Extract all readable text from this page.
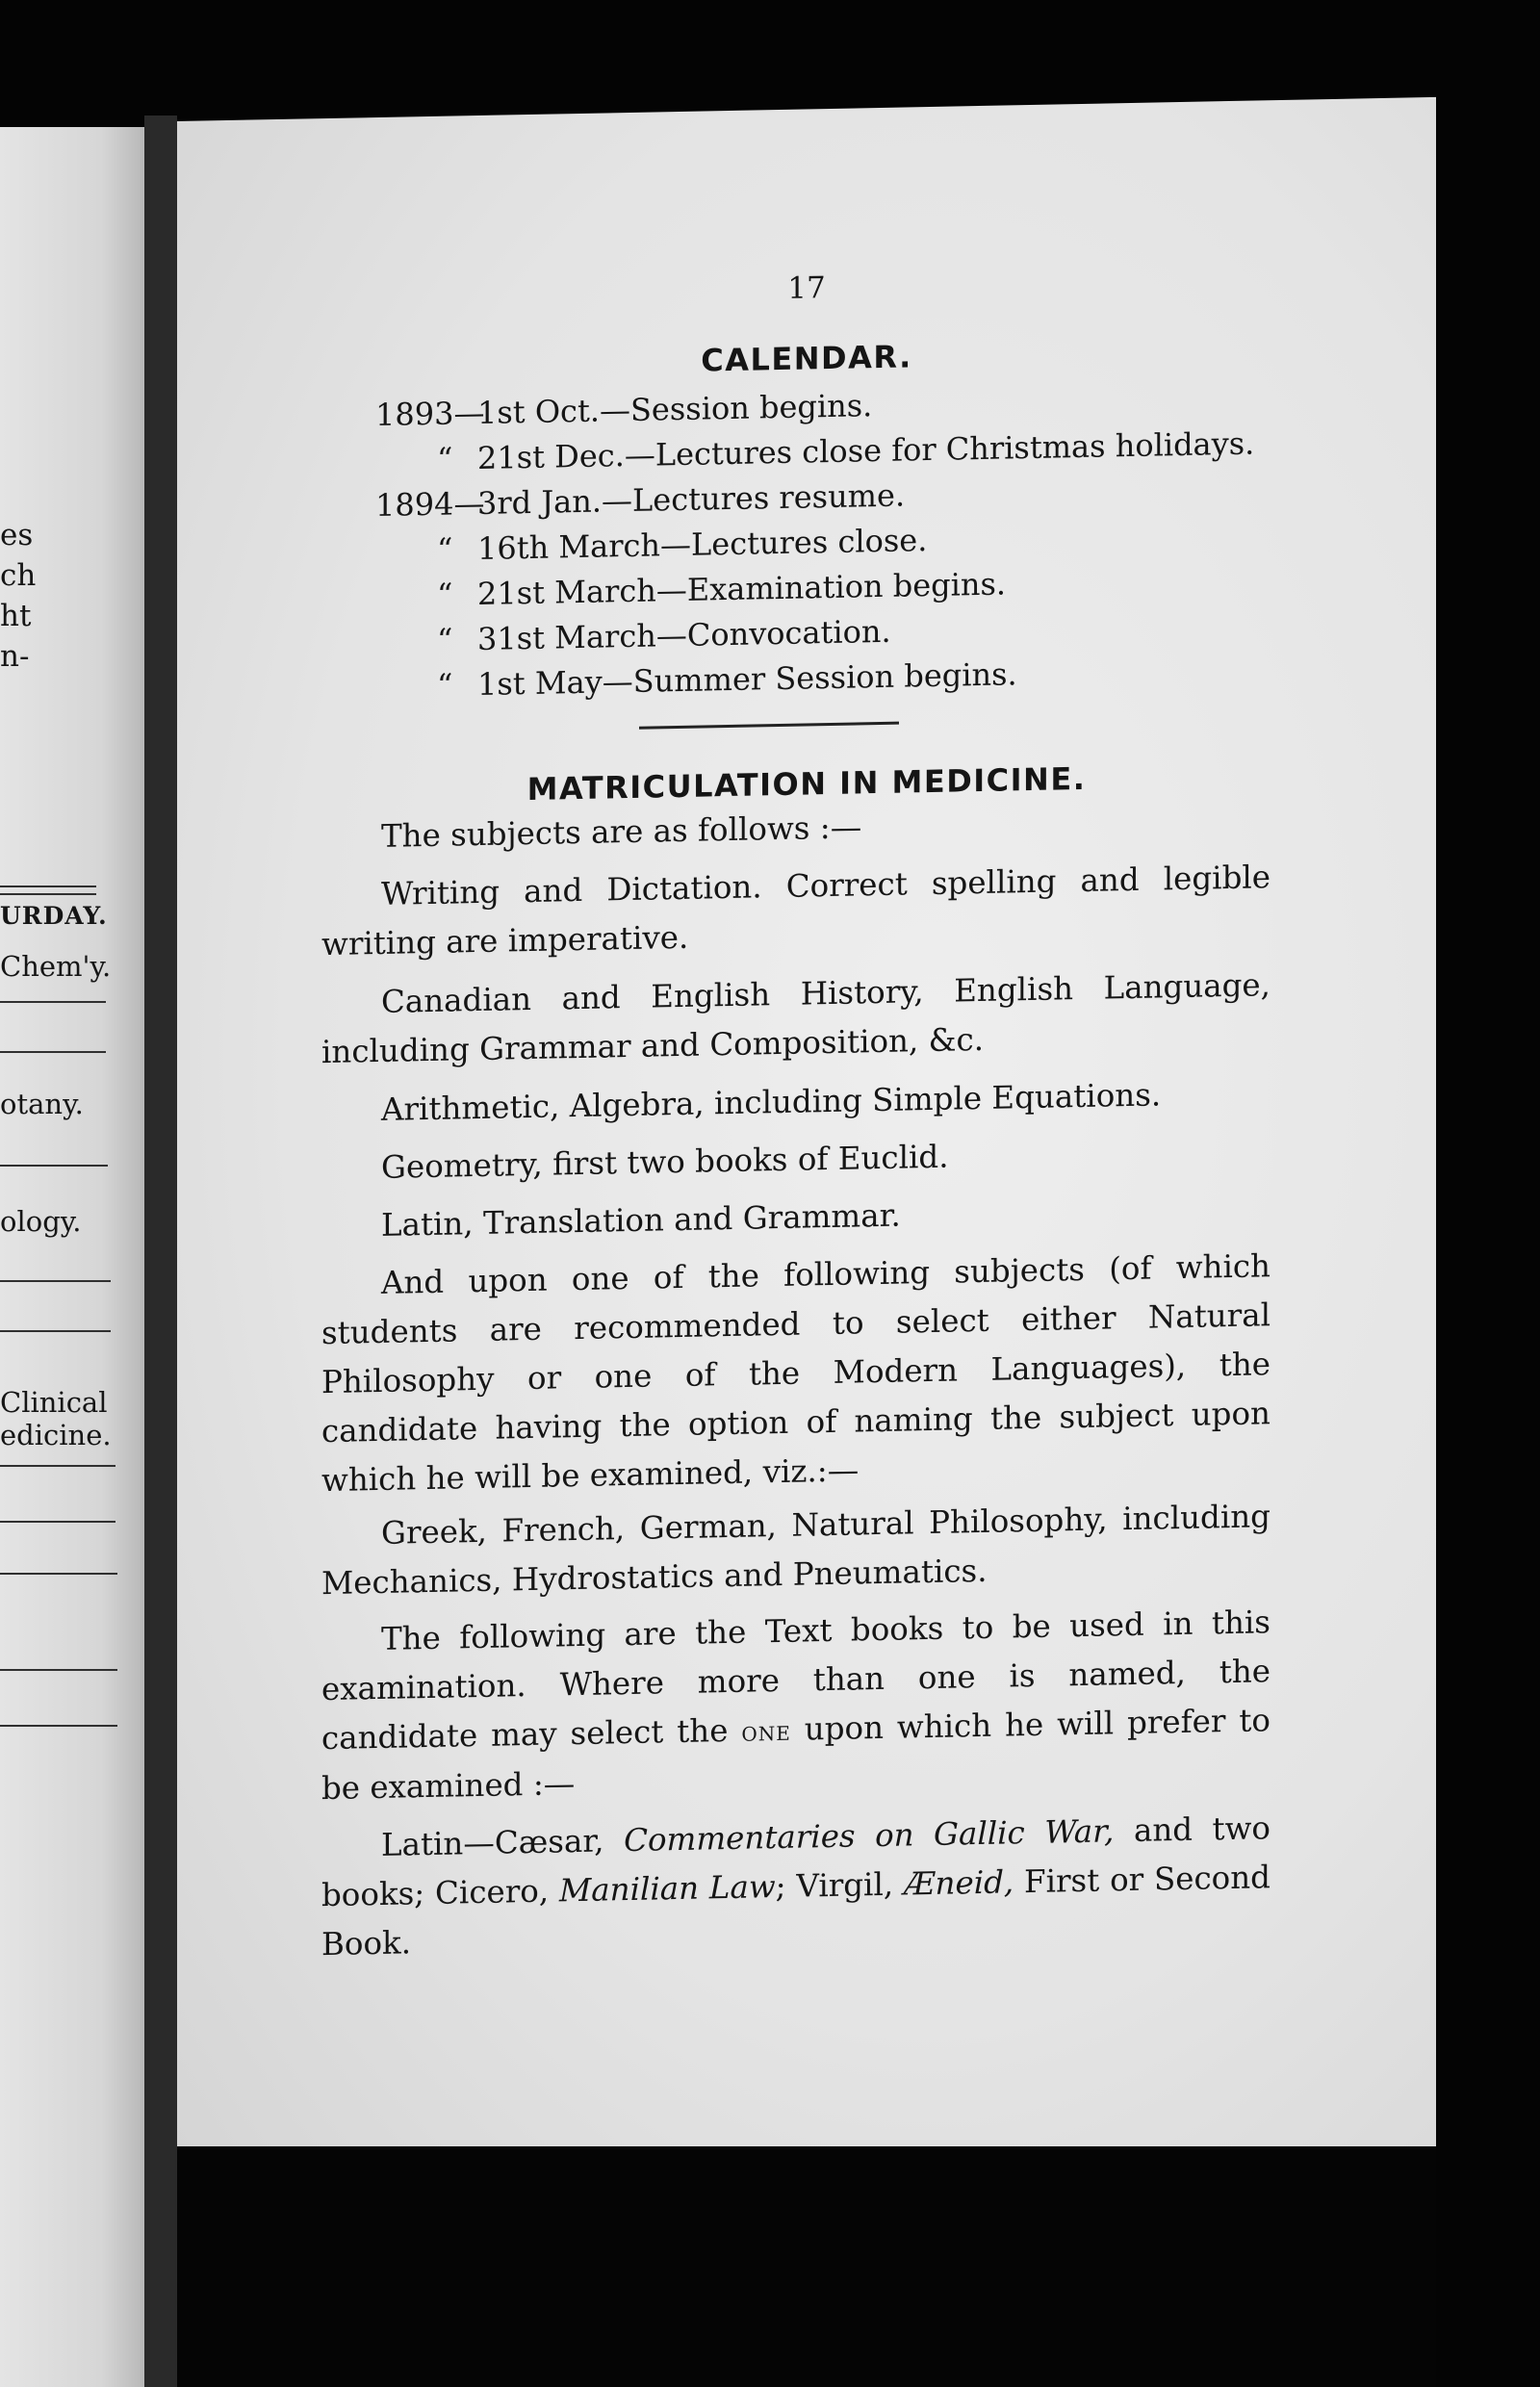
es
ch
ht
n-
URDAY.
Chem'y.
otany.
ology.
Clinical
edicine.
17
CALENDAR.
1893—
1st Oct.—Session begins.
“ 21st Dec.—Lectures close for Christmas holidays.
1894—
3rd Jan.—Lectures resume.
“ 16th March—Lectures close.
“ 21st March—Examination begins.
“ 31st March—Convocation.
“ 1st May—Summer Session begins.
MATRICULATION IN MEDICINE.

The subjects are as follows :—

Writing and Dictation. Correct spelling and legible writing are imperative.

Canadian and English History, English Language, including Grammar and Composition, &c.

Arithmetic, Algebra, including Simple Equations.

Geometry, first two books of Euclid.

Latin, Translation and Grammar.

And upon one of the following subjects (of which students are recommended to select either Natural Philosophy or one of the Modern Languages), the candidate having the option of naming the subject upon which he will be examined, viz.:—

Greek, French, German, Natural Philosophy, including Mechanics, Hydrostatics and Pneumatics.

The following are the Text books to be used in this examination. Where more than one is named, the candidate may select the one upon which he will prefer to be examined :—

Latin—Cæsar, Commentaries on Gallic War, and two books; Cicero, Manilian Law; Virgil, Æneid, First or Second Book.
